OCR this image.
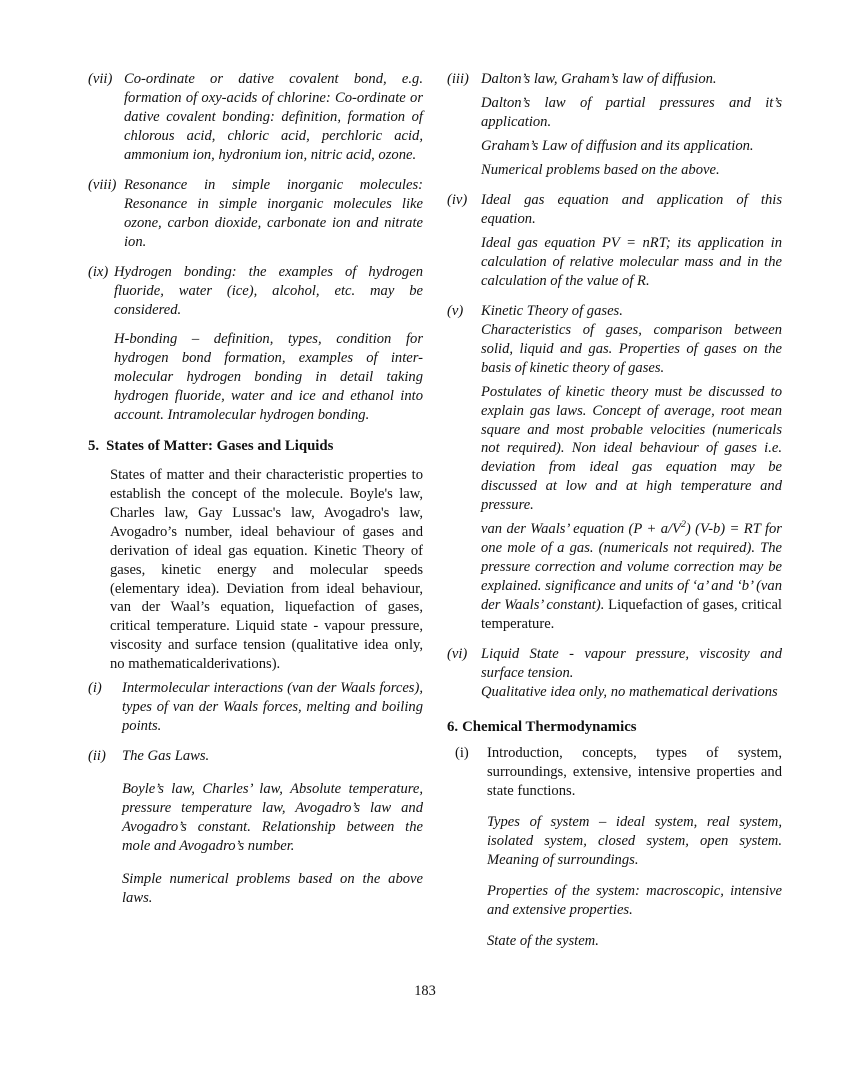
(vii) Co-ordinate or dative covalent bond, e.g. formation of oxy-acids of chlorine: Co-ordinate or dative covalent bonding: definition, formation of chlorous acid, chloric acid, perchloric acid, ammonium ion, hydronium ion, nitric acid, ozone.

(viii) Resonance in simple inorganic molecules: Resonance in simple inorganic molecules like ozone, carbon dioxide, carbonate ion and nitrate ion.

(ix) Hydrogen bonding: the examples of hydrogen fluoride, water (ice), alcohol, etc. may be considered.

H-bonding – definition, types, condition for hydrogen bond formation, examples of inter-molecular hydrogen bonding in detail taking hydrogen fluoride, water and ice and ethanol into account. Intramolecular hydrogen bonding.

5. States of Matter: Gases and Liquids

States of matter and their characteristic properties to establish the concept of the molecule. Boyle's law, Charles law, Gay Lussac's law, Avogadro's law, Avogadro’s number, ideal behaviour of gases and derivation of ideal gas equation. Kinetic Theory of gases, kinetic energy and molecular speeds (elementary idea). Deviation from ideal behaviour, van der Waal’s equation, liquefaction of gases, critical temperature. Liquid state - vapour pressure, viscosity and surface tension (qualitative idea only, no mathematicalderivations).

(i)	Intermolecular interactions (van der Waals forces), types of van der Waals forces, melting and boiling points.

(ii)	The Gas Laws.

Boyle’s law, Charles’ law, Absolute temperature, pressure temperature law, Avogadro’s law and Avogadro’s constant. Relationship between the mole and Avogadro’s number.

Simple numerical problems based on the above laws.

(iii) Dalton’s law, Graham’s law of diffusion.

Dalton’s law of partial pressures and it’s application.

Graham’s Law of diffusion and its application.

Numerical problems based on the above.

(iv) Ideal gas equation and application of this equation.

Ideal gas equation PV = nRT; its application in calculation of relative molecular mass and in the calculation of the value of R.

(v)	Kinetic Theory of gases.

Characteristics of gases, comparison between solid, liquid and gas. Properties of gases on the basis of kinetic theory of gases.

Postulates of kinetic theory must be discussed to explain gas laws. Concept of average, root mean square and most probable velocities (numericals not required). Non ideal behaviour of gases i.e. deviation from ideal gas equation may be discussed at low and at high temperature and pressure.

van der Waals’ equation $(P + a/V^2)$ (V-b) = RT for one mole of a gas. (numericals not required). The pressure correction and volume correction may be explained. significance and units of ‘a’ and ‘b’ (van der Waals’ constant). Liquefaction of gases, critical temperature.

(vi) Liquid State - vapour pressure, viscosity and surface tension.

Qualitative idea only, no mathematical derivations

6. Chemical Thermodynamics
(i)	Introduction, concepts, types of system, surroundings, extensive, intensive properties and state functions.

Types of system – ideal system, real system, isolated system, closed system, open system. Meaning of surroundings.

Properties of the system: macroscopic, intensive and extensive properties.

State of the system.

183
